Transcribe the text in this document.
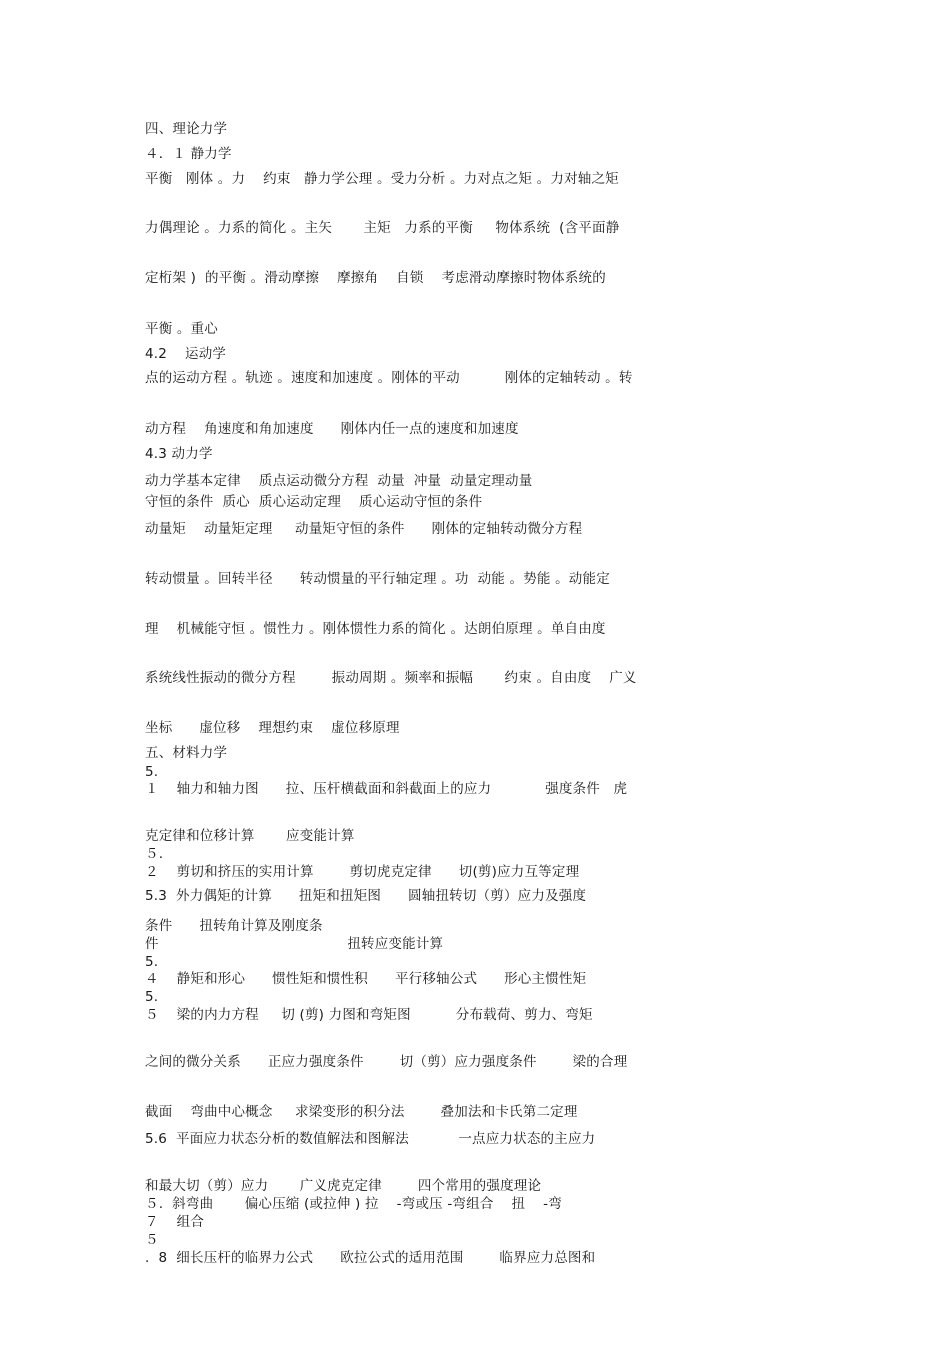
四、理论力学
４．１ 静力学
平衡   刚体 。力    约束   静力学公理 。受力分析 。力对点之矩 。力对轴之矩
力偶理论 。力系的简化 。主矢       主矩   力系的平衡     物体系统  (含平面静
定桁架 )  的平衡 。滑动摩擦    摩擦角    自锁    考虑滑动摩擦时物体系统的
平衡 。重心
4.2    运动学
点的运动方程 。轨迹 。速度和加速度 。刚体的平动          刚体的定轴转动 。转
动方程    角速度和角加速度      刚体内任一点的速度和加速度
4.3 动力学
动力学基本定律    质点运动微分方程  动量  冲量  动量定理动量
守恒的条件  质心  质心运动定理    质心运动守恒的条件
动量矩    动量矩定理     动量矩守恒的条件      刚体的定轴转动微分方程
转动惯量 。回转半径      转动惯量的平行轴定理 。功  动能 。势能 。动能定
理    机械能守恒 。惯性力 。刚体惯性力系的简化 。达朗伯原理 。单自由度
系统线性振动的微分方程        振动周期 。频率和振幅       约束 。自由度    广义
坐标      虚位移    理想约束    虚位移原理
五、材料力学
5.
１    轴力和轴力图      拉、压杆横截面和斜截面上的应力            强度条件   虎
克定律和位移计算       应变能计算
５.
２    剪切和挤压的实用计算        剪切虎克定律      切(剪)应力互等定理
5.3  外力偶矩的计算      扭矩和扭矩图      圆轴扭转切（剪）应力及强度
条件      扭转角计算及刚度条
件                                          扭转应变能计算
5.
４    静矩和形心      惯性矩和惯性积      平行移轴公式      形心主惯性矩
5.
５    梁的内力方程     切 (剪) 力图和弯矩图          分布载荷、剪力、弯矩
之间的微分关系      正应力强度条件        切（剪）应力强度条件        梁的合理
截面    弯曲中心概念     求梁变形的积分法        叠加法和卡氏第二定理
5.6  平面应力状态分析的数值解法和图解法           一点应力状态的主应力
和最大切（剪）应力       广义虎克定律        四个常用的强度理论
５.  斜弯曲       偏心压缩 (或拉伸 ) 拉    -弯或压 -弯组合    扭    -弯
７    组合
５
.  8  细长压杆的临界力公式      欧拉公式的适用范围        临界应力总图和
